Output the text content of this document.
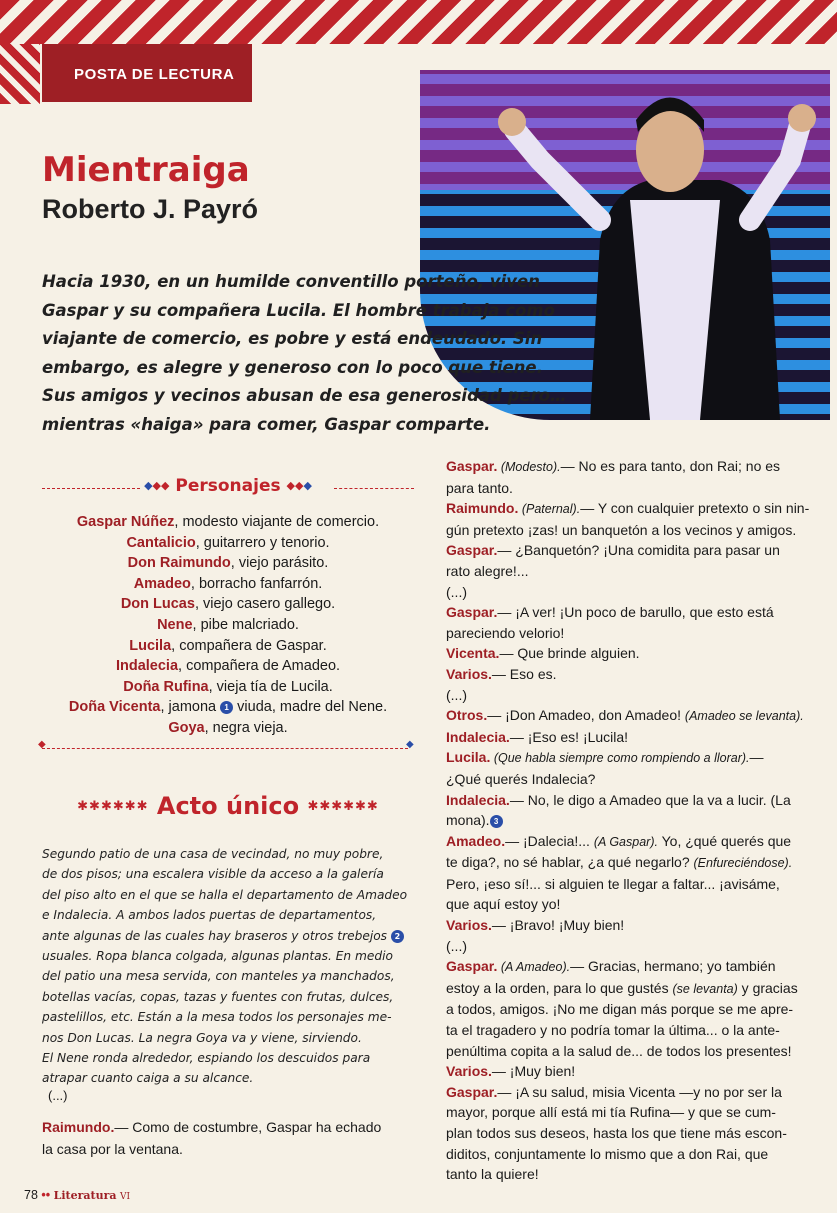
POSTA DE LECTURA
Mientraiga
Roberto J. Payró

Hacia 1930, en un humilde conventillo porteño, viven
Gaspar y su compañera Lucila. El hombre trabaja como
viajante de comercio, es pobre y está endeudado. Sin
embargo, es alegre y generoso con lo poco que tiene.
Sus amigos y vecinos abusan de esa generosidad pero…
mientras «haiga» para comer, Gaspar comparte.

◆◆◆ Personajes ◆◆◆
Gaspar Núñez, modesto viajante de comercio.
Cantalicio, guitarrero y tenorio.
Don Raimundo, viejo parásito.
Amadeo, borracho fanfarrón.
Don Lucas, viejo casero gallego.
Nene, pibe malcriado.
Lucila, compañera de Gaspar.
Indalecia, compañera de Amadeo.
Doña Rufina, vieja tía de Lucila.
Doña Vicenta, jamona 1 viuda, madre del Nene.
Goya, negra vieja.
◆	◆
✱✱✱✱✱✱ Acto único ✱✱✱✱✱✱

Segundo patio de una casa de vecindad, no muy pobre,
de dos pisos; una escalera visible da acceso a la galería
del piso alto en el que se halla el departamento de Amadeo
e Indalecia. A ambos lados puertas de departamentos,
ante algunas de las cuales hay braseros y otros trebejos 2
usuales. Ropa blanca colgada, algunas plantas. En medio
del patio una mesa servida, con manteles ya manchados,
botellas vacías, copas, tazas y fuentes con frutas, dulces,
pastelillos, etc. Están a la mesa todos los personajes me-
nos Don Lucas. La negra Goya va y viene, sirviendo.
El Nene ronda alrededor, espiando los descuidos para
atrapar cuanto caiga a su alcance.

(...)

Raimundo.— Como de costumbre, Gaspar ha echado
la casa por la ventana.

Gaspar. (Modesto).— No es para tanto, don Rai; no es
para tanto.
Raimundo. (Paternal).— Y con cualquier pretexto o sin nin-
gún pretexto ¡zas! un banquetón a los vecinos y amigos.
Gaspar.— ¿Banquetón? ¡Una comidita para pasar un
rato alegre!...
(...)
Gaspar.— ¡A ver! ¡Un poco de barullo, que esto está
pareciendo velorio!
Vicenta.— Que brinde alguien.
Varios.— Eso es.
(...)
Otros.— ¡Don Amadeo, don Amadeo! (Amadeo se levanta).
Indalecia.— ¡Eso es! ¡Lucila!
Lucila. (Que habla siempre como rompiendo a llorar).—
¿Qué querés Indalecia?
Indalecia.— No, le digo a Amadeo que la va a lucir. (La
mona). 3
Amadeo.— ¡Dalecia!... (A Gaspar). Yo, ¿qué querés que
te diga?, no sé hablar, ¿a qué negarlo? (Enfureciéndose).
Pero, ¡eso sí!... si alguien te llegar a faltar... ¡avisáme,
que aquí estoy yo!
Varios.— ¡Bravo! ¡Muy bien!
(...)
Gaspar. (A Amadeo).— Gracias, hermano; yo también
estoy a la orden, para lo que gustés (se levanta) y gracias
a todos, amigos. ¡No me digan más porque se me apre-
ta el tragadero y no podría tomar la última... o la ante-
penúltima copita a la salud de... de todos los presentes!
Varios.— ¡Muy bien!
Gaspar.— ¡A su salud, misia Vicenta —y no por ser la
mayor, porque allí está mi tía Rufina— y que se cum-
plan todos sus deseos, hasta los que tiene más escon-
diditos, conjuntamente lo mismo que a don Rai, que
tanto la quiere!
78 •• Literatura VI
